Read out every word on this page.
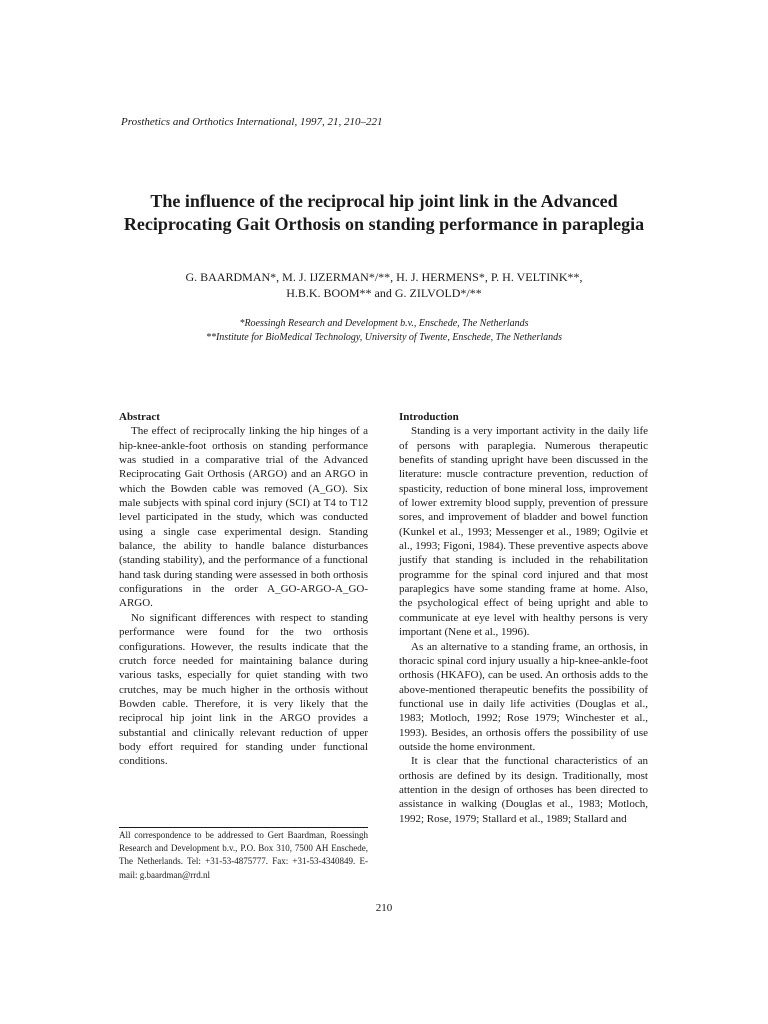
Prosthetics and Orthotics International, 1997, 21, 210–221
The influence of the reciprocal hip joint link in the Advanced Reciprocating Gait Orthosis on standing performance in paraplegia
G. BAARDMAN*, M. J. IJZERMAN*/**, H. J. HERMENS*, P. H. VELTINK**,
H.B.K. BOOM** and G. ZILVOLD*/**
*Roessingh Research and Development b.v., Enschede, The Netherlands
**Institute for BioMedical Technology, University of Twente, Enschede, The Netherlands
Abstract

The effect of reciprocally linking the hip hinges of a hip-knee-ankle-foot orthosis on standing performance was studied in a comparative trial of the Advanced Reciprocating Gait Orthosis (ARGO) and an ARGO in which the Bowden cable was removed (A_GO). Six male subjects with spinal cord injury (SCI) at T4 to T12 level participated in the study, which was conducted using a single case experimental design. Standing balance, the ability to handle balance disturbances (standing stability), and the performance of a functional hand task during standing were assessed in both orthosis configurations in the order A_GO-ARGO-A_GO-ARGO.

No significant differences with respect to standing performance were found for the two orthosis configurations. However, the results indicate that the crutch force needed for maintaining balance during various tasks, especially for quiet standing with two crutches, may be much higher in the orthosis without Bowden cable. Therefore, it is very likely that the reciprocal hip joint link in the ARGO provides a substantial and clinically relevant reduction of upper body effort required for standing under functional conditions.

All correspondence to be addressed to Gert Baardman, Roessingh Research and Development b.v., P.O. Box 310, 7500 AH Enschede, The Netherlands. Tel: +31-53-4875777. Fax: +31-53-4340849. E-mail: g.baardman@rrd.nl
Introduction

Standing is a very important activity in the daily life of persons with paraplegia. Numerous therapeutic benefits of standing upright have been discussed in the literature: muscle contracture prevention, reduction of spasticity, reduction of bone mineral loss, improvement of lower extremity blood supply, prevention of pressure sores, and improvement of bladder and bowel function (Kunkel et al., 1993; Messenger et al., 1989; Ogilvie et al., 1993; Figoni, 1984). These preventive aspects above justify that standing is included in the rehabilitation programme for the spinal cord injured and that most paraplegics have some standing frame at home. Also, the psychological effect of being upright and able to communicate at eye level with healthy persons is very important (Nene et al., 1996).

As an alternative to a standing frame, an orthosis, in thoracic spinal cord injury usually a hip-knee-ankle-foot orthosis (HKAFO), can be used. An orthosis adds to the above-mentioned therapeutic benefits the possibility of functional use in daily life activities (Douglas et al., 1983; Motloch, 1992; Rose 1979; Winchester et al., 1993). Besides, an orthosis offers the possibility of use outside the home environment.

It is clear that the functional characteristics of an orthosis are defined by its design. Traditionally, most attention in the design of orthoses has been directed to assistance in walking (Douglas et al., 1983; Motloch, 1992; Rose, 1979; Stallard et al., 1989; Stallard and

210
